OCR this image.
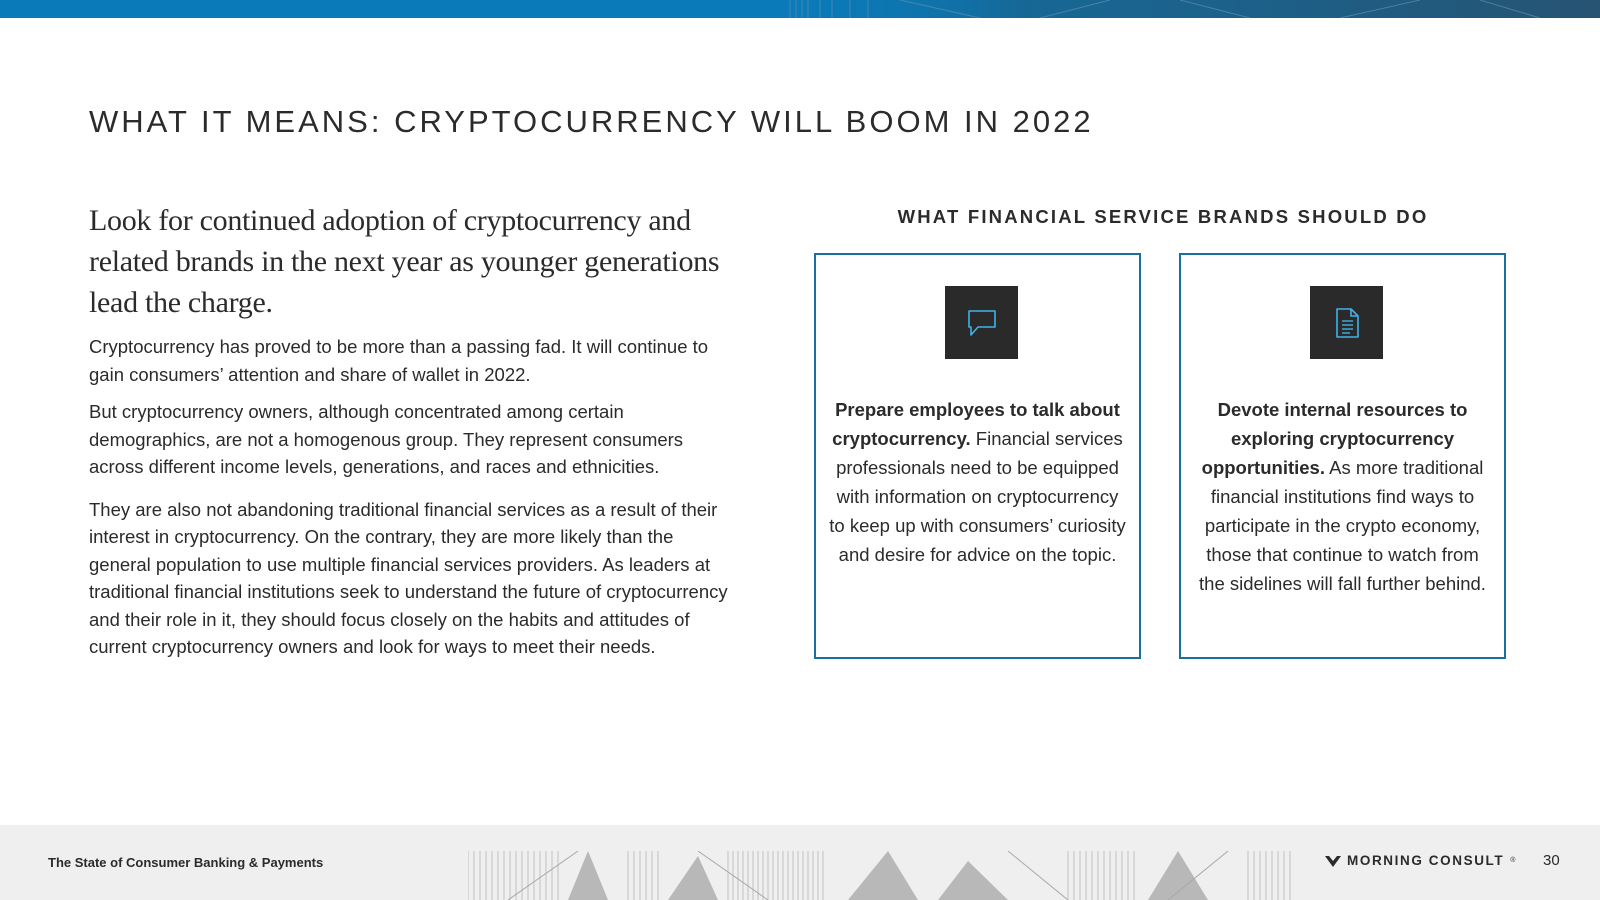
WHAT IT MEANS: CRYPTOCURRENCY WILL BOOM IN 2022

Look for continued adoption of cryptocurrency and related brands in the next year as younger generations lead the charge.

Cryptocurrency has proved to be more than a passing fad. It will continue to gain consumers’ attention and share of wallet in 2022.

But cryptocurrency owners, although concentrated among certain demographics, are not a homogenous group. They represent consumers across different income levels, generations, and races and ethnicities.

They are also not abandoning traditional financial services as a result of their interest in cryptocurrency. On the contrary, they are more likely than the general population to use multiple financial services providers. As leaders at traditional financial institutions seek to understand the future of cryptocurrency and their role in it, they should focus closely on the habits and attitudes of current cryptocurrency owners and look for ways to meet their needs.

WHAT FINANCIAL SERVICE BRANDS SHOULD DO

Prepare employees to talk about cryptocurrency. Financial services professionals need to be equipped with information on cryptocurrency to keep up with consumers’ curiosity and desire for advice on the topic.

Devote internal resources to exploring cryptocurrency opportunities. As more traditional financial institutions find ways to participate in the crypto economy, those that continue to watch from the sidelines will fall further behind.

The State of Consumer Banking & Payments	MORNING CONSULT ® 30
